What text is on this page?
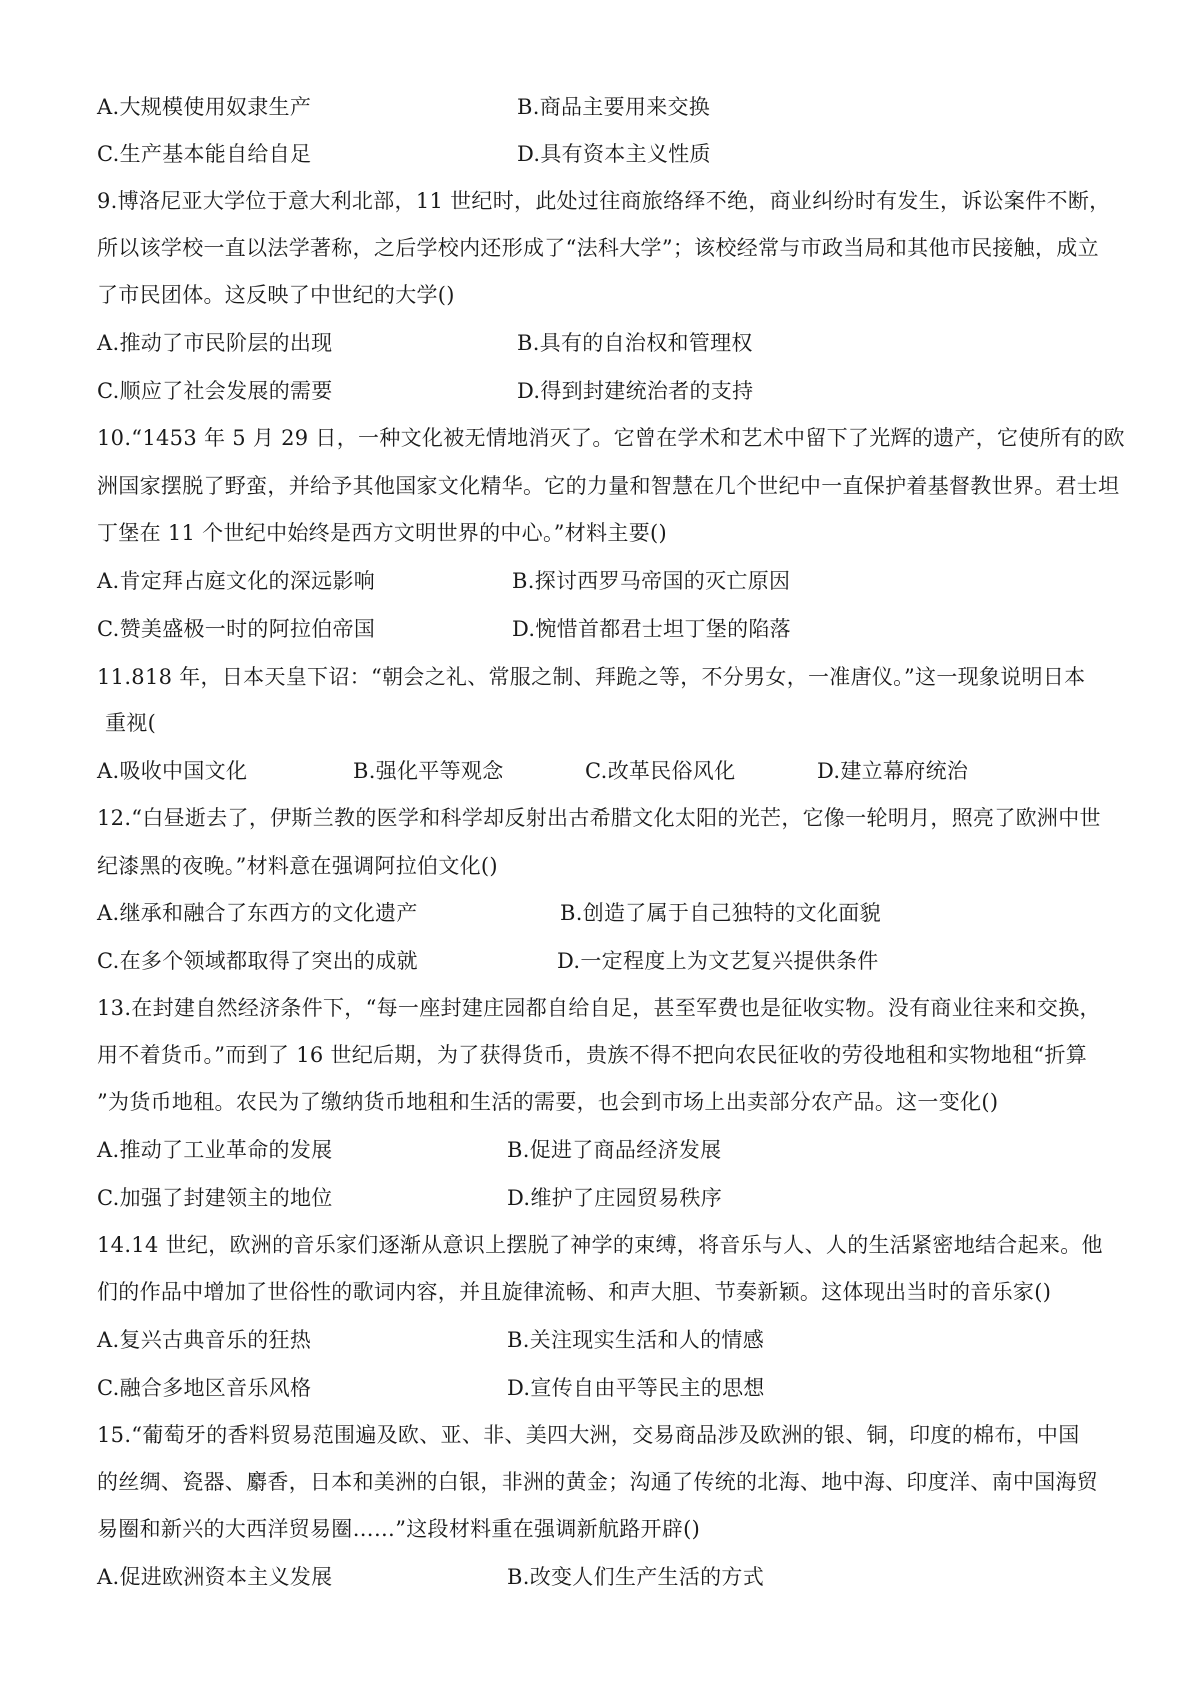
A.大规模使用奴隶生产	B.商品主要用来交换
C.生产基本能自给自足	D.具有资本主义性质
9.博洛尼亚大学位于意大利北部，11 世纪时，此处过往商旅络绎不绝，商业纠纷时有发生，诉讼案件不断，
所以该学校一直以法学著称，之后学校内还形成了“法科大学”；该校经常与市政当局和其他市民接触，成立
了市民团体。这反映了中世纪的大学()
A.推动了市民阶层的出现	B.具有的自治权和管理权
C.顺应了社会发展的需要	D.得到封建统治者的支持
10.“1453 年 5 月 29 日，一种文化被无情地消灭了。它曾在学术和艺术中留下了光辉的遗产，它使所有的欧
洲国家摆脱了野蛮，并给予其他国家文化精华。它的力量和智慧在几个世纪中一直保护着基督教世界。君士坦
丁堡在 11 个世纪中始终是西方文明世界的中心。”材料主要()
A.肯定拜占庭文化的深远影响	B.探讨西罗马帝国的灭亡原因
C.赞美盛极一时的阿拉伯帝国	D.惋惜首都君士坦丁堡的陷落
11.818 年，日本天皇下诏：“朝会之礼、常服之制、拜跪之等，不分男女，一准唐仪。”这一现象说明日本
重视(
A.吸收中国文化	B.强化平等观念	C.改革民俗风化	D.建立幕府统治
12.“白昼逝去了，伊斯兰教的医学和科学却反射出古希腊文化太阳的光芒，它像一轮明月，照亮了欧洲中世
纪漆黑的夜晚。”材料意在强调阿拉伯文化()
A.继承和融合了东西方的文化遗产	B.创造了属于自己独特的文化面貌
C.在多个领域都取得了突出的成就	D.一定程度上为文艺复兴提供条件
13.在封建自然经济条件下，“每一座封建庄园都自给自足，甚至军费也是征收实物。没有商业往来和交换，
用不着货币。”而到了 16 世纪后期，为了获得货币，贵族不得不把向农民征收的劳役地租和实物地租“折算
”为货币地租。农民为了缴纳货币地租和生活的需要，也会到市场上出卖部分农产品。这一变化()
A.推动了工业革命的发展	B.促进了商品经济发展
C.加强了封建领主的地位	D.维护了庄园贸易秩序
14.14 世纪，欧洲的音乐家们逐渐从意识上摆脱了神学的束缚，将音乐与人、人的生活紧密地结合起来。他
们的作品中增加了世俗性的歌词内容，并且旋律流畅、和声大胆、节奏新颖。这体现出当时的音乐家()
A.复兴古典音乐的狂热	B.关注现实生活和人的情感
C.融合多地区音乐风格	D.宣传自由平等民主的思想
15.“葡萄牙的香料贸易范围遍及欧、亚、非、美四大洲，交易商品涉及欧洲的银、铜，印度的棉布，中国
的丝绸、瓷器、麝香，日本和美洲的白银，非洲的黄金；沟通了传统的北海、地中海、印度洋、南中国海贸
易圈和新兴的大西洋贸易圈……”这段材料重在强调新航路开辟()
A.促进欧洲资本主义发展	B.改变人们生产生活的方式
